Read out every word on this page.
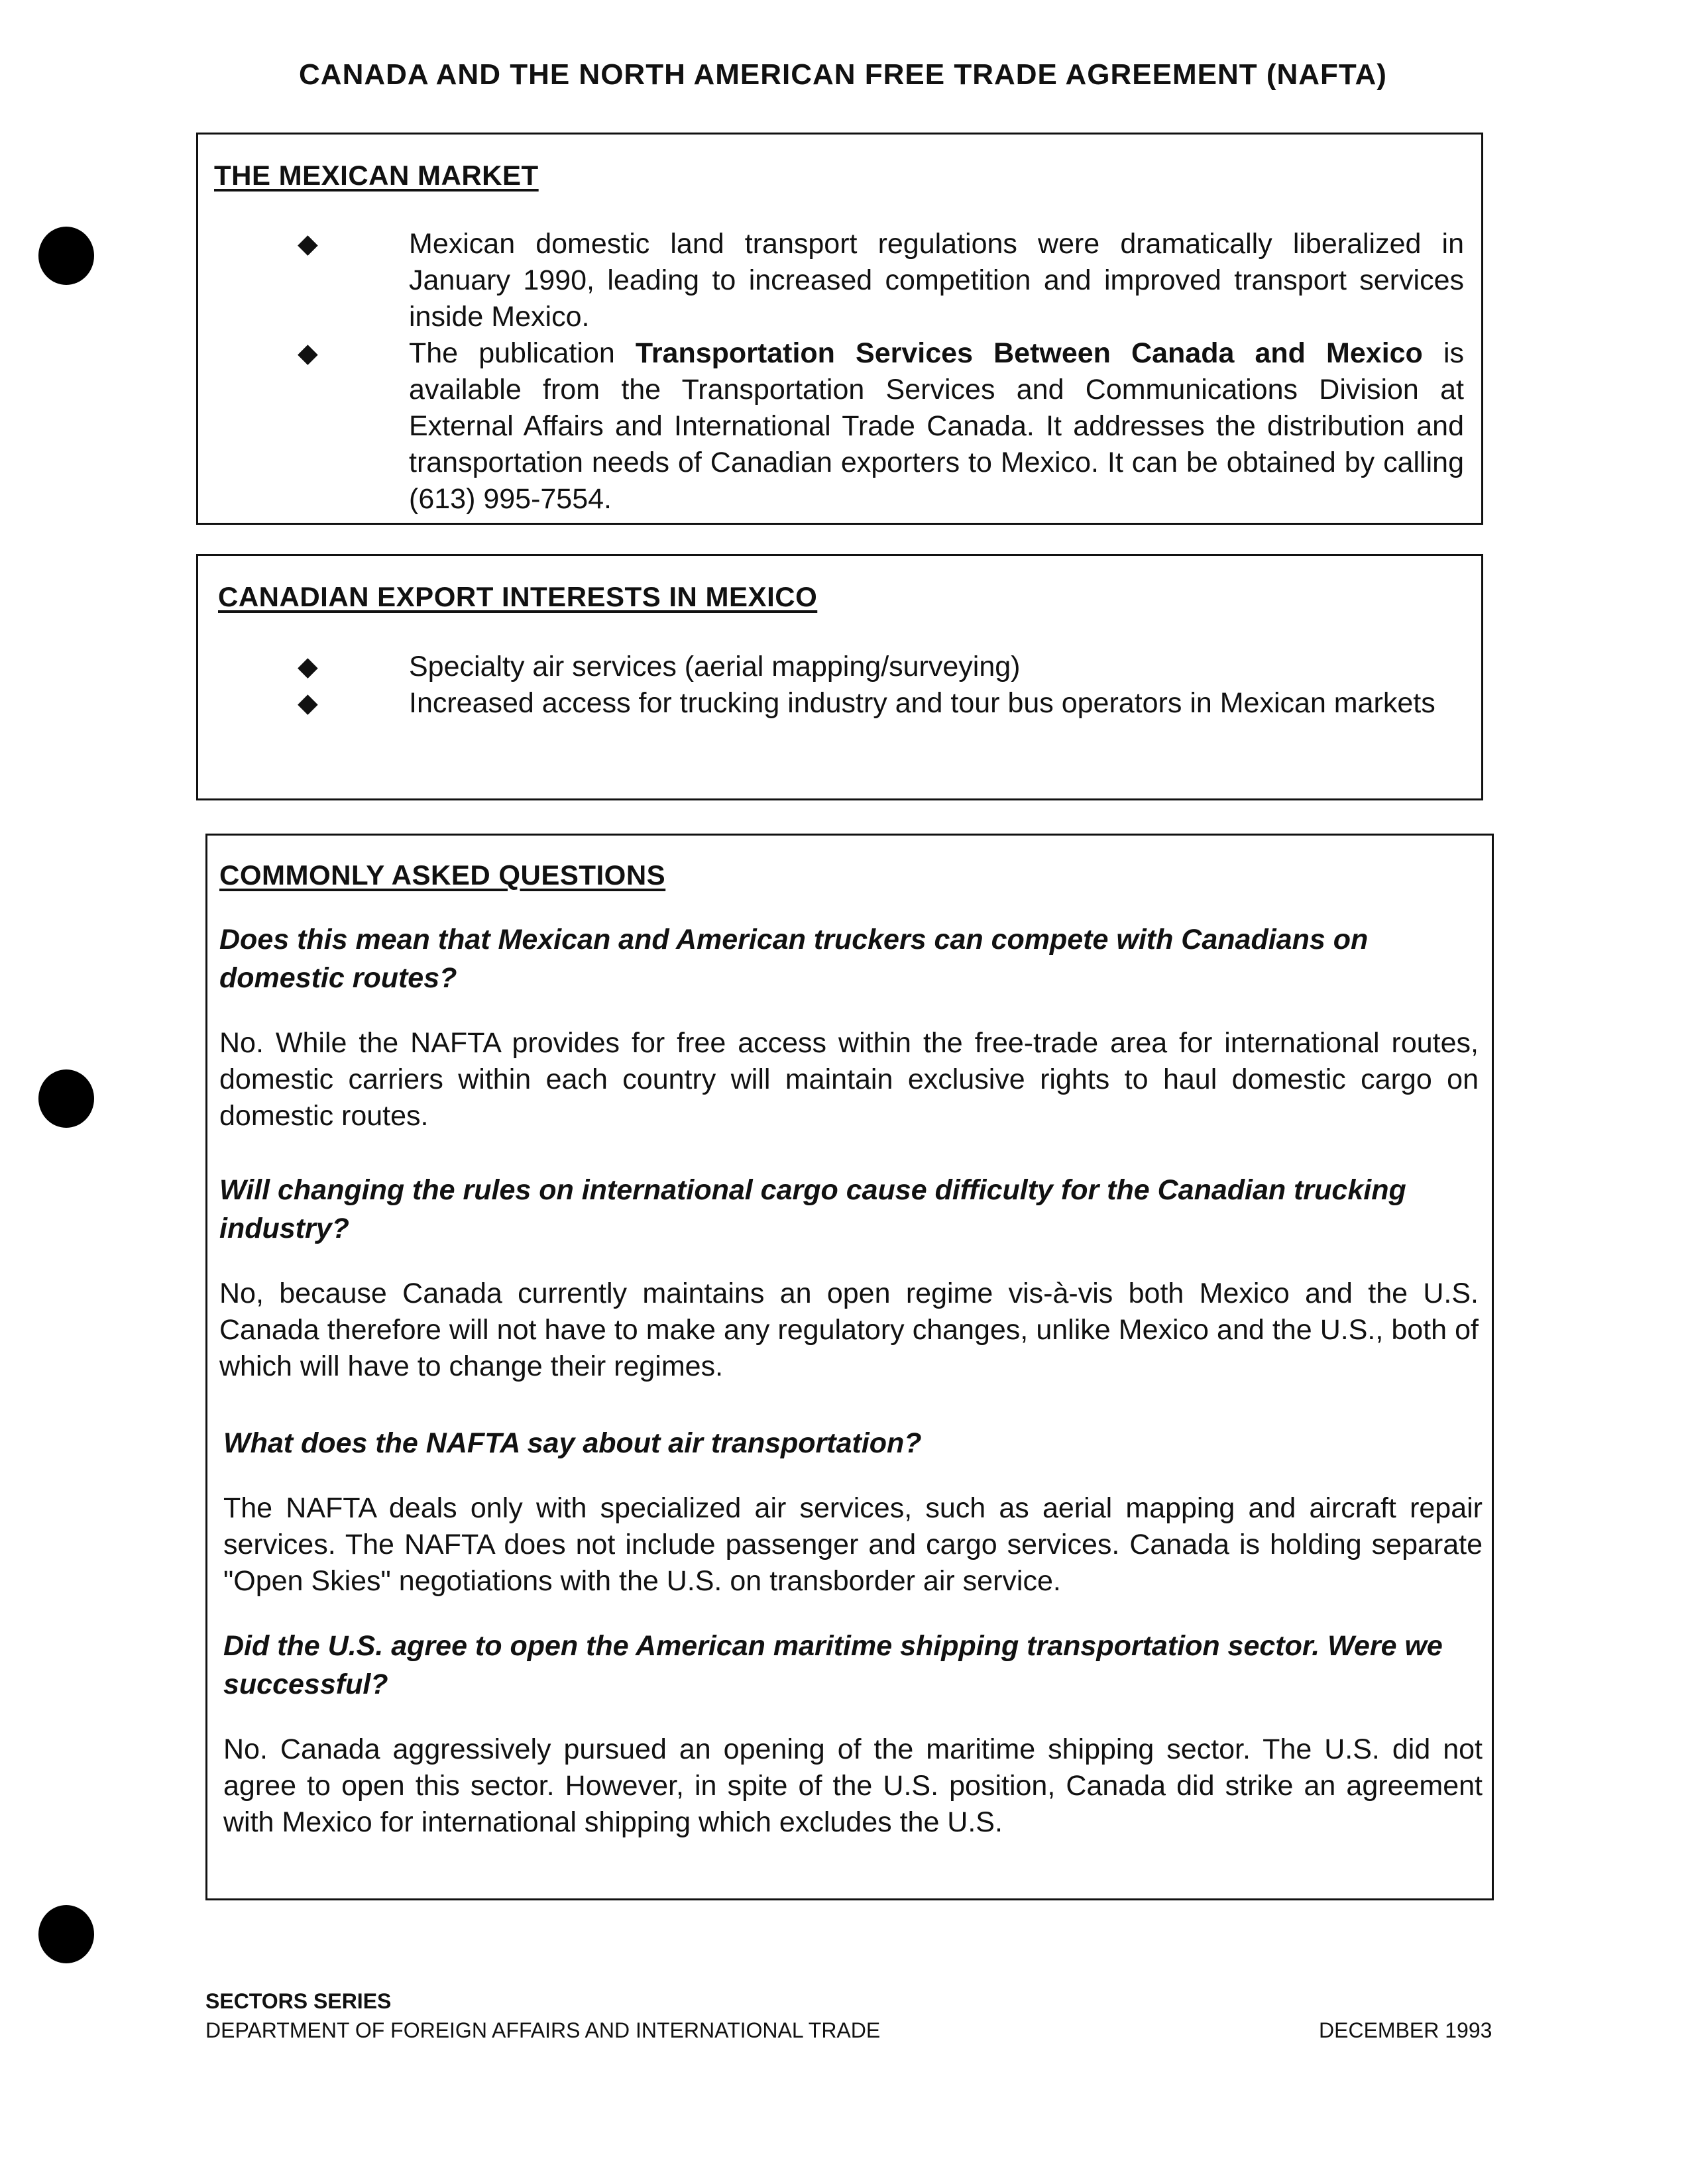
CANADA AND THE NORTH AMERICAN FREE TRADE AGREEMENT (NAFTA)
THE MEXICAN MARKET
◆	Mexican domestic land transport regulations were dramatically liberalized in January 1990, leading to increased competition and improved transport services inside Mexico.
◆	The publication Transportation Services Between Canada and Mexico is available from the Transportation Services and Communications Division at External Affairs and International Trade Canada. It addresses the distribution and transportation needs of Canadian exporters to Mexico. It can be obtained by calling (613) 995-7554.
CANADIAN EXPORT INTERESTS IN MEXICO
◆	Specialty air services (aerial mapping/surveying)
◆	Increased access for trucking industry and tour bus operators in Mexican markets
COMMONLY ASKED QUESTIONS

Does this mean that Mexican and American truckers can compete with Canadians on domestic routes?

No. While the NAFTA provides for free access within the free-trade area for international routes, domestic carriers within each country will maintain exclusive rights to haul domestic cargo on domestic routes.

Will changing the rules on international cargo cause difficulty for the Canadian trucking industry?

No, because Canada currently maintains an open regime vis-à-vis both Mexico and the U.S. Canada therefore will not have to make any regulatory changes, unlike Mexico and the U.S., both of which will have to change their regimes.

What does the NAFTA say about air transportation?

The NAFTA deals only with specialized air services, such as aerial mapping and aircraft repair services. The NAFTA does not include passenger and cargo services. Canada is holding separate "Open Skies" negotiations with the U.S. on transborder air service.

Did the U.S. agree to open the American maritime shipping transportation sector. Were we successful?

No. Canada aggressively pursued an opening of the maritime shipping sector. The U.S. did not agree to open this sector. However, in spite of the U.S. position, Canada did strike an agreement with Mexico for international shipping which excludes the U.S.

SECTORS SERIES
DEPARTMENT OF FOREIGN AFFAIRS AND INTERNATIONAL TRADE	DECEMBER 1993
